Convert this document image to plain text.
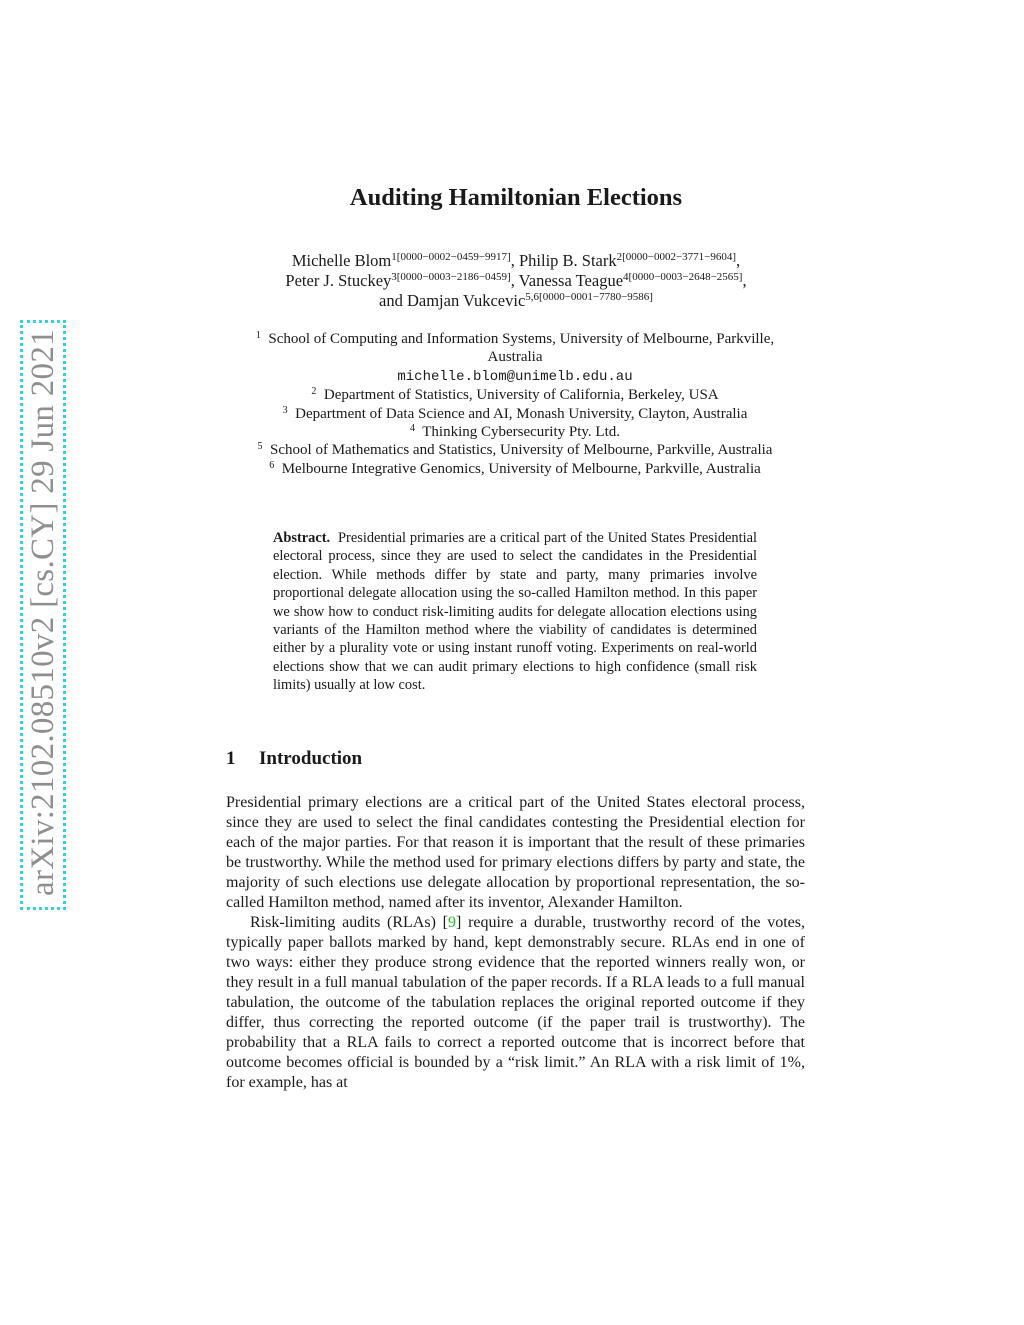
arXiv:2102.08510v2 [cs.CY] 29 Jun 2021
Auditing Hamiltonian Elections
Michelle Blom$^{1[0000-0002-0459-9917]}$, Philip B. Stark$^{2[0000-0002-3771-9604]}$,
Peter J. Stuckey$^{3[0000-0003-2186-0459]}$, Vanessa Teague$^{4[0000-0003-2648-2565]}$,
and Damjan Vukcevic$^{5,6[0000-0001-7780-9586]}$
$^1$ School of Computing and Information Systems, University of Melbourne, Parkville,
Australia
michelle.blom@unimelb.edu.au
$^2$ Department of Statistics, University of California, Berkeley, USA
$^3$ Department of Data Science and AI, Monash University, Clayton, Australia
$^4$ Thinking Cybersecurity Pty. Ltd.
$^5$ School of Mathematics and Statistics, University of Melbourne, Parkville, Australia
$^6$ Melbourne Integrative Genomics, University of Melbourne, Parkville, Australia

Abstract. Presidential primaries are a critical part of the United States Presidential electoral process, since they are used to select the candidates in the Presidential election. While methods differ by state and party, many primaries involve proportional delegate allocation using the so-called Hamilton method. In this paper we show how to conduct risk-limiting audits for delegate allocation elections using variants of the Hamilton method where the viability of candidates is determined either by a plurality vote or using instant runoff voting. Experiments on real-world elections show that we can audit primary elections to high confidence (small risk limits) usually at low cost.

1 Introduction

Presidential primary elections are a critical part of the United States electoral process, since they are used to select the final candidates contesting the Presidential election for each of the major parties. For that reason it is important that the result of these primaries be trustworthy. While the method used for primary elections differs by party and state, the majority of such elections use delegate allocation by proportional representation, the so-called Hamilton method, named after its inventor, Alexander Hamilton.

Risk-limiting audits (RLAs) [9] require a durable, trustworthy record of the votes, typically paper ballots marked by hand, kept demonstrably secure. RLAs end in one of two ways: either they produce strong evidence that the reported winners really won, or they result in a full manual tabulation of the paper records. If a RLA leads to a full manual tabulation, the outcome of the tabulation replaces the original reported outcome if they differ, thus correcting the reported outcome (if the paper trail is trustworthy). The probability that a RLA fails to correct a reported outcome that is incorrect before that outcome becomes official is bounded by a “risk limit.” An RLA with a risk limit of 1%, for example, has at
